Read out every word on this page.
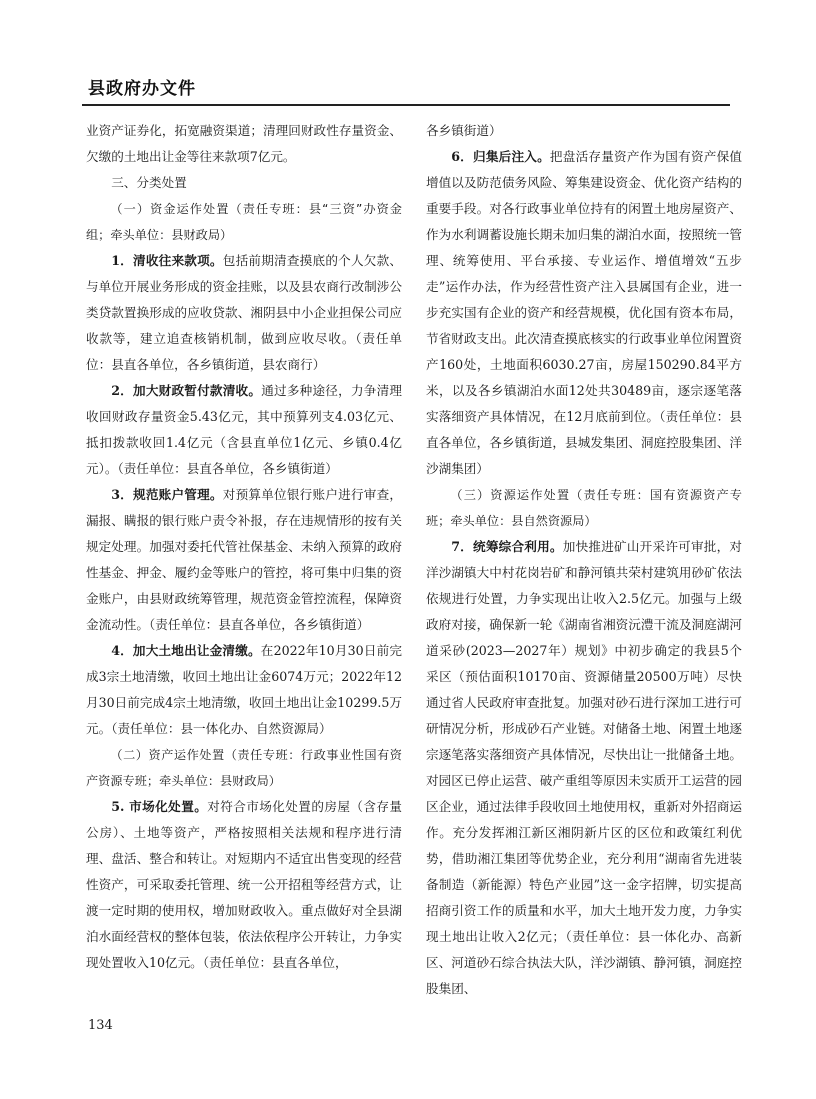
县政府办文件

业资产证券化，拓宽融资渠道；清理回财政性存量资金、欠缴的土地出让金等往来款项7亿元。

三、分类处置

（一）资金运作处置（责任专班：县“三资”办资金组；牵头单位：县财政局）

1．清收往来款项。包括前期清查摸底的个人欠款、与单位开展业务形成的资金挂账，以及县农商行改制涉公类贷款置换形成的应收贷款、湘阴县中小企业担保公司应收款等，建立追查核销机制，做到应收尽收。（责任单位：县直各单位，各乡镇街道，县农商行）

2．加大财政暂付款清收。通过多种途径，力争清理收回财政存量资金5.43亿元，其中预算列支4.03亿元、抵扣拨款收回1.4亿元（含县直单位1亿元、乡镇0.4亿元）。（责任单位：县直各单位，各乡镇街道）

3．规范账户管理。对预算单位银行账户进行审查，漏报、瞒报的银行账户责令补报，存在违规情形的按有关规定处理。加强对委托代管社保基金、未纳入预算的政府性基金、押金、履约金等账户的管控，将可集中归集的资金账户，由县财政统筹管理，规范资金管控流程，保障资金流动性。（责任单位：县直各单位，各乡镇街道）

4．加大土地出让金清缴。在2022年10月30日前完成3宗土地清缴，收回土地出让金6074万元；2022年12月30日前完成4宗土地清缴，收回土地出让金10299.5万元。（责任单位：县一体化办、自然资源局）

（二）资产运作处置（责任专班：行政事业性国有资产资源专班；牵头单位：县财政局）

5. 市场化处置。对符合市场化处置的房屋（含存量公房）、土地等资产，严格按照相关法规和程序进行清理、盘活、整合和转让。对短期内不适宜出售变现的经营性资产，可采取委托管理、统一公开招租等经营方式，让渡一定时期的使用权，增加财政收入。重点做好对全县湖泊水面经营权的整体包装，依法依程序公开转让，力争实现处置收入10亿元。（责任单位：县直各单位，

各乡镇街道）

6．归集后注入。把盘活存量资产作为国有资产保值增值以及防范债务风险、筹集建设资金、优化资产结构的重要手段。对各行政事业单位持有的闲置土地房屋资产、作为水利调蓄设施长期未加归集的湖泊水面，按照统一管理、统筹使用、平台承接、专业运作、增值增效“五步走”运作办法，作为经营性资产注入县属国有企业，进一步充实国有企业的资产和经营规模，优化国有资本布局，节省财政支出。此次清查摸底核实的行政事业单位闲置资产160处，土地面积6030.27亩，房屋150290.84平方米，以及各乡镇湖泊水面12处共30489亩，逐宗逐笔落实落细资产具体情况，在12月底前到位。（责任单位：县直各单位，各乡镇街道，县城发集团、洞庭控股集团、洋沙湖集团）

（三）资源运作处置（责任专班：国有资源资产专班；牵头单位：县自然资源局）

7．统筹综合利用。加快推进矿山开采许可审批，对洋沙湖镇大中村花岗岩矿和静河镇共荣村建筑用砂矿依法依规进行处置，力争实现出让收入2.5亿元。加强与上级政府对接，确保新一轮《湖南省湘资沅澧干流及洞庭湖河道采砂(2023—2027年）规划》中初步确定的我县5个采区（预估面积10170亩、资源储量20500万吨）尽快通过省人民政府审查批复。加强对砂石进行深加工进行可研情况分析，形成砂石产业链。对储备土地、闲置土地逐宗逐笔落实落细资产具体情况，尽快出让一批储备土地。对园区已停止运营、破产重组等原因未实质开工运营的园区企业，通过法律手段收回土地使用权，重新对外招商运作。充分发挥湘江新区湘阴新片区的区位和政策红利优势，借助湘江集团等优势企业，充分利用“湖南省先进装备制造（新能源）特色产业园”这一金字招牌，切实提高招商引资工作的质量和水平，加大土地开发力度，力争实现土地出让收入2亿元；（责任单位：县一体化办、高新区、河道砂石综合执法大队，洋沙湖镇、静河镇，洞庭控股集团、

134
